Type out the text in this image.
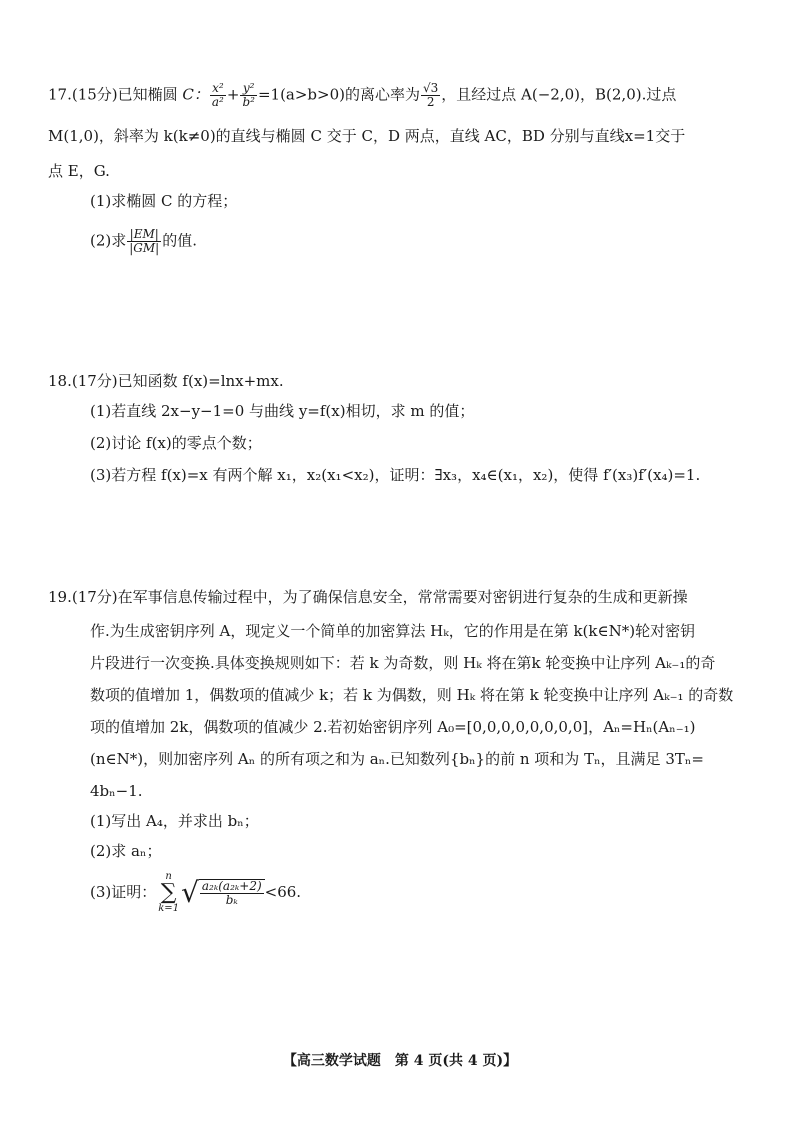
17.(15分)已知椭圆 C： $\frac{\text{x²}}{\text{a²}} + \frac{\text{y²}}{\text{b²}} =1(a>b>0)$的离心率为 $\frac{√3}{2}$ ，且经过点 A(−2,0)，B(2,0).过点
M(1,0)，斜率为 k(k≠0)的直线与椭圆 C 交于 C，D 两点，直线 AC，BD 分别与直线x=1交于
点 E，G.
(1)求椭圆 C 的方程；
(2)求 $\frac{|EM|}{|GM|}$ 的值.
18.(17分)已知函数 f(x)=lnx+mx.
(1)若直线 2x−y−1=0 与曲线 y=f(x)相切，求 m 的值；
(2)讨论 f(x)的零点个数；
(3)若方程 f(x)=x 有两个解 x₁，x₂(x₁<x₂)，证明：∃x₃，x₄∈(x₁，x₂)，使得 f′(x₃)f′(x₄)=1.
19.(17分)在军事信息传输过程中，为了确保信息安全，常常需要对密钥进行复杂的生成和更新操
作.为生成密钥序列 A，现定义一个简单的加密算法 Hₖ，它的作用是在第 k(k∈N*)轮对密钥
片段进行一次变换.具体变换规则如下：若 k 为奇数，则 Hₖ 将在第k 轮变换中让序列 Aₖ₋₁的奇
数项的值增加 1，偶数项的值减少 k；若 k 为偶数，则 Hₖ 将在第 k 轮变换中让序列 Aₖ₋₁ 的奇数
项的值增加 2k，偶数项的值减少 2.若初始密钥序列 A₀=[0,0,0,0,0,0,0,0]，Aₙ=Hₙ(Aₙ₋₁)
(n∈N*)，则加密序列 Aₙ 的所有项之和为 aₙ.已知数列{bₙ}的前 n 项和为 Tₙ，且满足 3Tₙ=
4bₙ−1.
(1)写出 A₄，并求出 bₙ；
(2)求 aₙ；
(3)证明：n
∑
$k=1√ \frac{\text{a₂ₖ(a₂ₖ+2)}}{\text{bₖ}} <66$.
【高三数学试题　第 4 页(共 4 页)】
